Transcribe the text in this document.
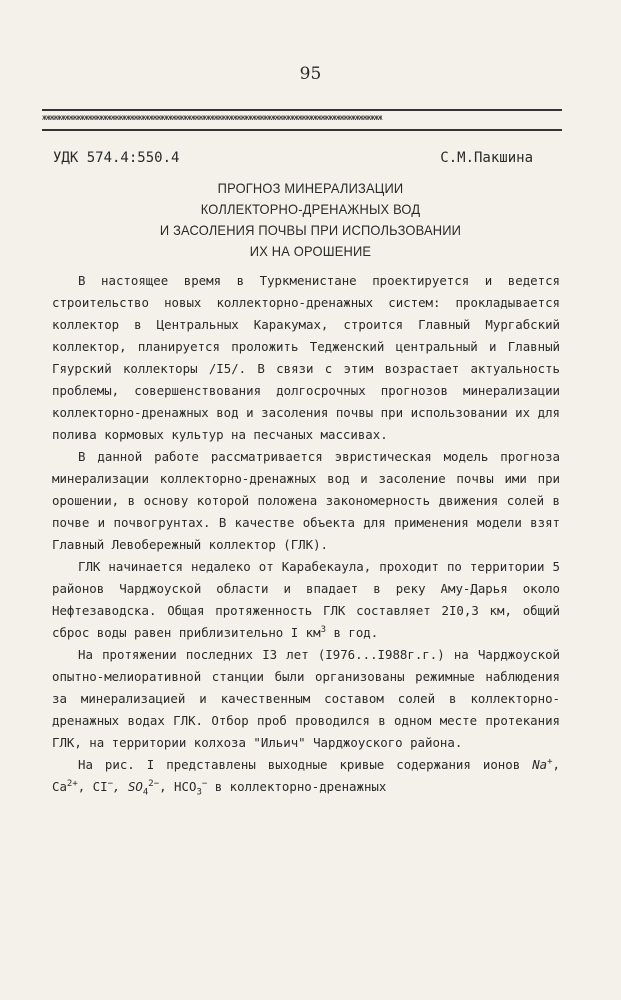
95
жжжжжжжжжжжжжжжжжжжжжжжжжжжжжжжжжжжжжжжжжжжжжжжжжжжжжжжжжжжжжжжжжжжжжжжжжжжжжжжжжжжжжжжжж
УДК 574.4:550.4	С.М.Пакшина
ПРОГНОЗ МИНЕРАЛИЗАЦИИ
КОЛЛЕКТОРНО-ДРЕНАЖНЫХ ВОД
И ЗАСОЛЕНИЯ ПОЧВЫ ПРИ ИСПОЛЬЗОВАНИИ
ИХ НА ОРОШЕНИЕ

В настоящее время в Туркменистане проектируется и ведется строительство новых коллекторно-дренажных систем: прокладывается коллектор в Центральных Каракумах, строится Главный Мургабский коллектор, планируется проложить Тедженский центральный и Главный Гяурский коллекторы /I5/. В связи с этим возрастает актуальность проблемы, совершенствования долгосрочных прогнозов минерализации коллекторно-дренажных вод и засоления почвы при использовании их для полива кормовых культур на песчаных массивах.

В данной работе рассматривается эвристическая модель прогноза минерализации коллекторно-дренажных вод и засоление почвы ими при орошении, в основу которой положена закономерность движения солей в почве и почвогрунтах. В качестве объекта для применения модели взят Главный Левобережный коллектор (ГЛК).

ГЛК начинается недалеко от Карабекаула, проходит по территории 5 районов Чарджоуской области и впадает в реку Аму-Дарья около Нефтезаводска. Общая протяженность ГЛК составляет 2I0,3 км, общий сброс воды равен приблизительно I $км^3$ в год.

На протяжении последних I3 лет (I976...I988г.г.) на Чарджоуской опытно-мелиоративной станции были организованы режимные наблюдения за минерализацией и качественным составом солей в коллекторно-дренажных водах ГЛК. Отбор проб проводился в одном месте протекания ГЛК, на территории колхоза "Ильич" Чарджоуского района.

На рис. I представлены выходные кривые содержания ионов Na+, $Ca^{2+}$, CI−, $SO_4^{2-}$, $HCO_3^-$ в коллекторно-дренажных
